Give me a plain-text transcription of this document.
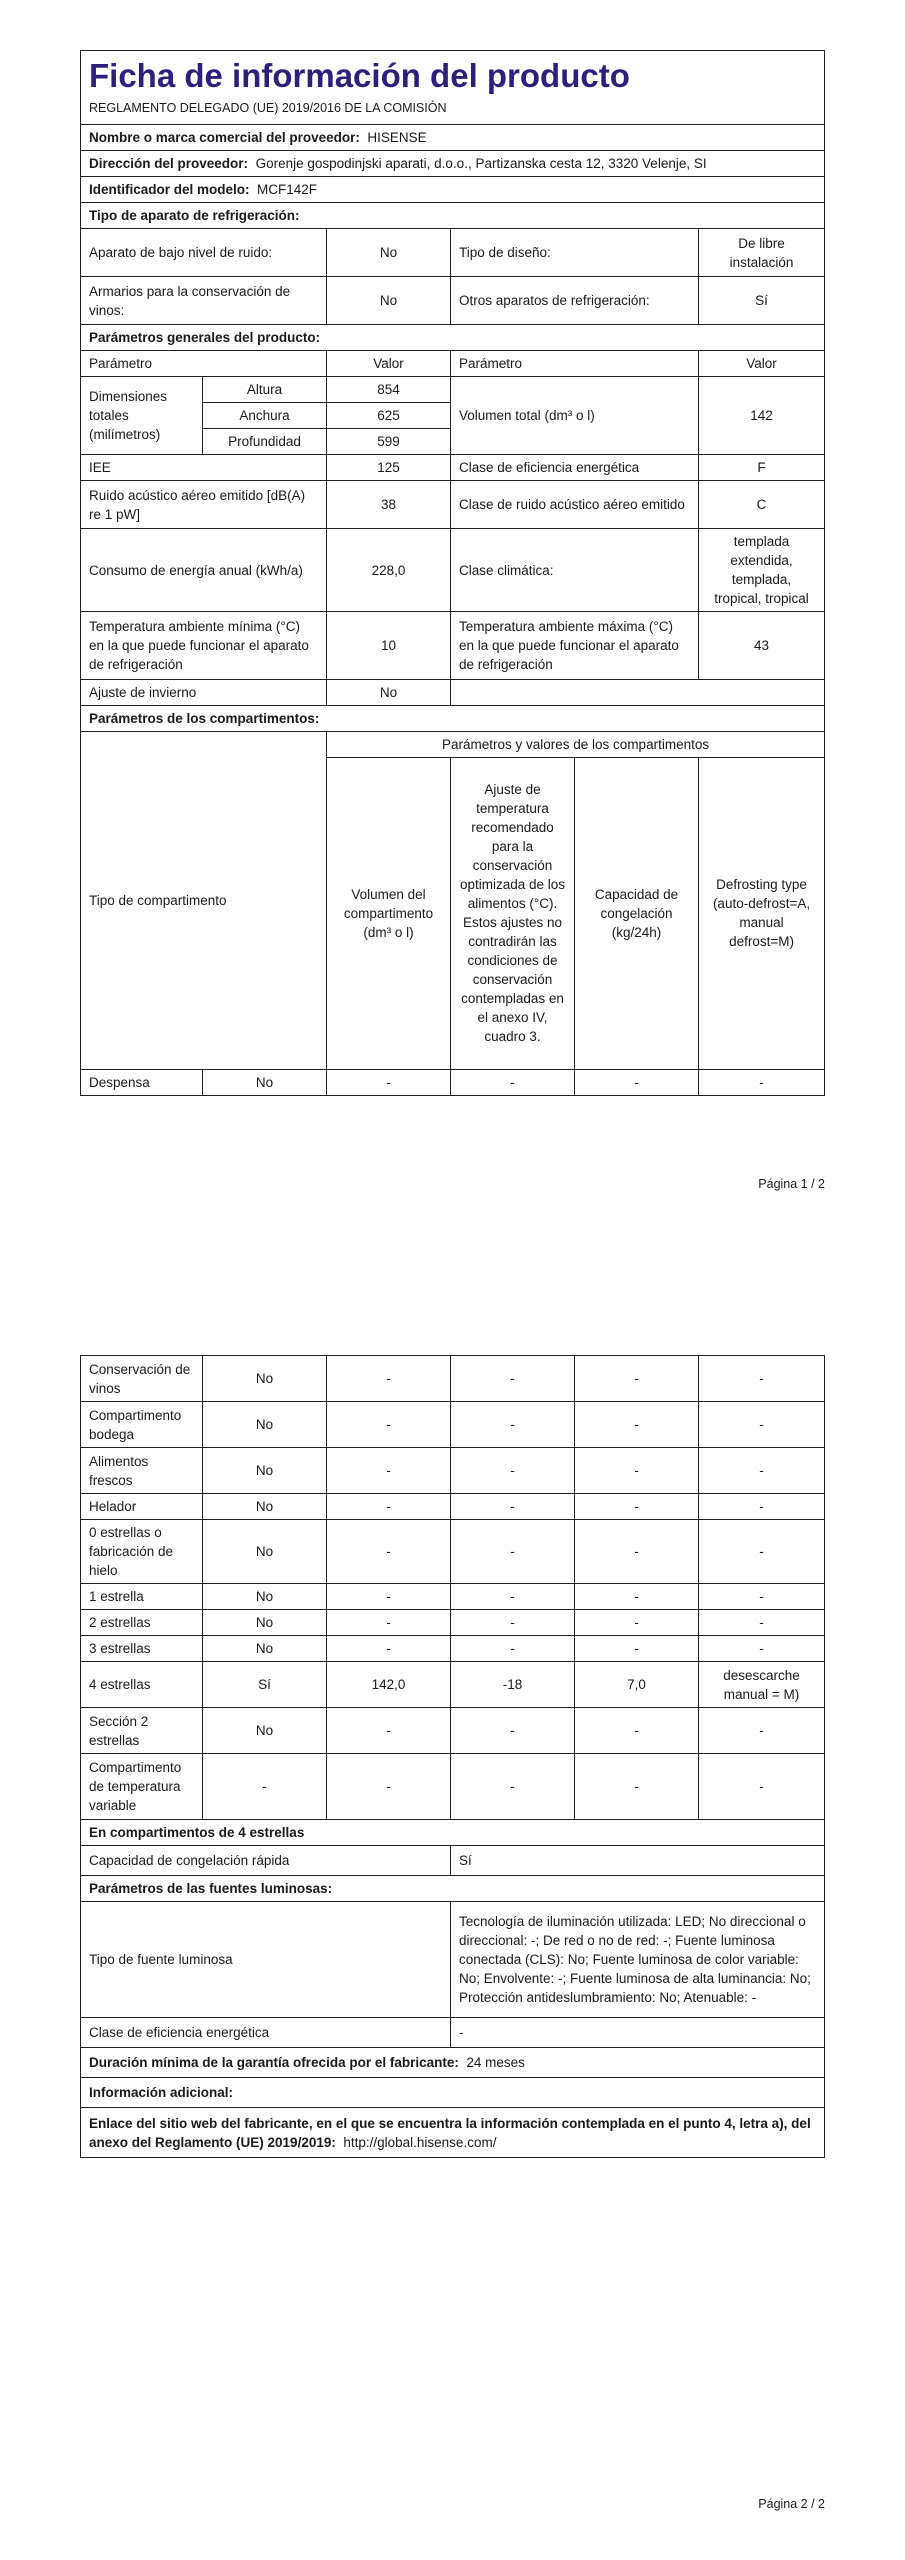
Ficha de información del producto
REGLAMENTO DELEGADO (UE) 2019/2016 DE LA COMISIÓN				

Nombre o marca comercial del proveedor: HISENSE				
Dirección del proveedor: Gorenje gospodinjski aparati, d.o.o., Partizanska cesta 12, 3320 Velenje, SI				
Identificador del modelo: MCF142F				
Tipo de aparato de refrigeración:				
Aparato de bajo nivel de ruido:		No	Tipo de diseño:	De libre instalación
Armarios para la conservación de vinos:		No	Otros aparatos de refrigeración:	Sí
Parámetros generales del producto:				
Parámetro		Valor	Parámetro	Valor
Dimensiones totales (milímetros)	Altura	854	Volumen total (dm³ o l)	142
	Anchura	625		
	Profundidad	599		
IEE		125	Clase de eficiencia energética	F
Ruido acústico aéreo emitido [dB(A) re 1 pW]		38	Clase de ruido acústico aéreo emitido	C
Consumo de energía anual (kWh/a)		228,0	Clase climática:	templada extendida, templada, tropical, tropical
Temperatura ambiente mínima (°C) en la que puede funcionar el aparato de refrigeración		10	Temperatura ambiente máxima (°C) en la que puede funcionar el aparato de refrigeración	43
Ajuste de invierno		No		
Parámetros de los compartimentos:				
Tipo de compartimento		Parámetros y valores de los compartimentos			
		Volumen del compartimento (dm³ o l)	Ajuste de temperatura recomendado para la conservación optimizada de los alimentos (°C). Estos ajustes no contradirán las condiciones de conservación contempladas en el anexo IV, cuadro 3.	Capacidad de congelación (kg/24h)	Defrosting type (auto-defrost=A, manual defrost=M)
Despensa	No	-	-	-	-
Página 1 / 2
Conservación de vinos	No	-	-	-	-
Compartimento bodega	No	-	-	-	-
Alimentos frescos	No	-	-	-	-
Helador	No	-	-	-	-
0 estrellas o fabricación de hielo	No	-	-	-	-
1 estrella	No	-	-	-	-
2 estrellas	No	-	-	-	-
3 estrellas	No	-	-	-	-
4 estrellas	Sí	142,0	-18	7,0	desescarche manual = M)
Sección 2 estrellas	No	-	-	-	-
Compartimento de temperatura variable	-	-	-	-	-
En compartimentos de 4 estrellas					
Capacidad de congelación rápida			Sí		
Parámetros de las fuentes luminosas:					
Tipo de fuente luminosa			Tecnología de iluminación utilizada: LED; No direccional o direccional: -; De red o no de red: -; Fuente luminosa conectada (CLS): No; Fuente luminosa de color variable: No; Envolvente: -; Fuente luminosa de alta luminancia: No; Protección antideslumbramiento: No; Atenuable: -		
Clase de eficiencia energética			-		
Duración mínima de la garantía ofrecida por el fabricante: 24 meses					
Información adicional:					
Enlace del sitio web del fabricante, en el que se encuentra la información contemplada en el punto 4, letra a), del anexo del Reglamento (UE) 2019/2019: http://global.hisense.com/					
Página 2 / 2
